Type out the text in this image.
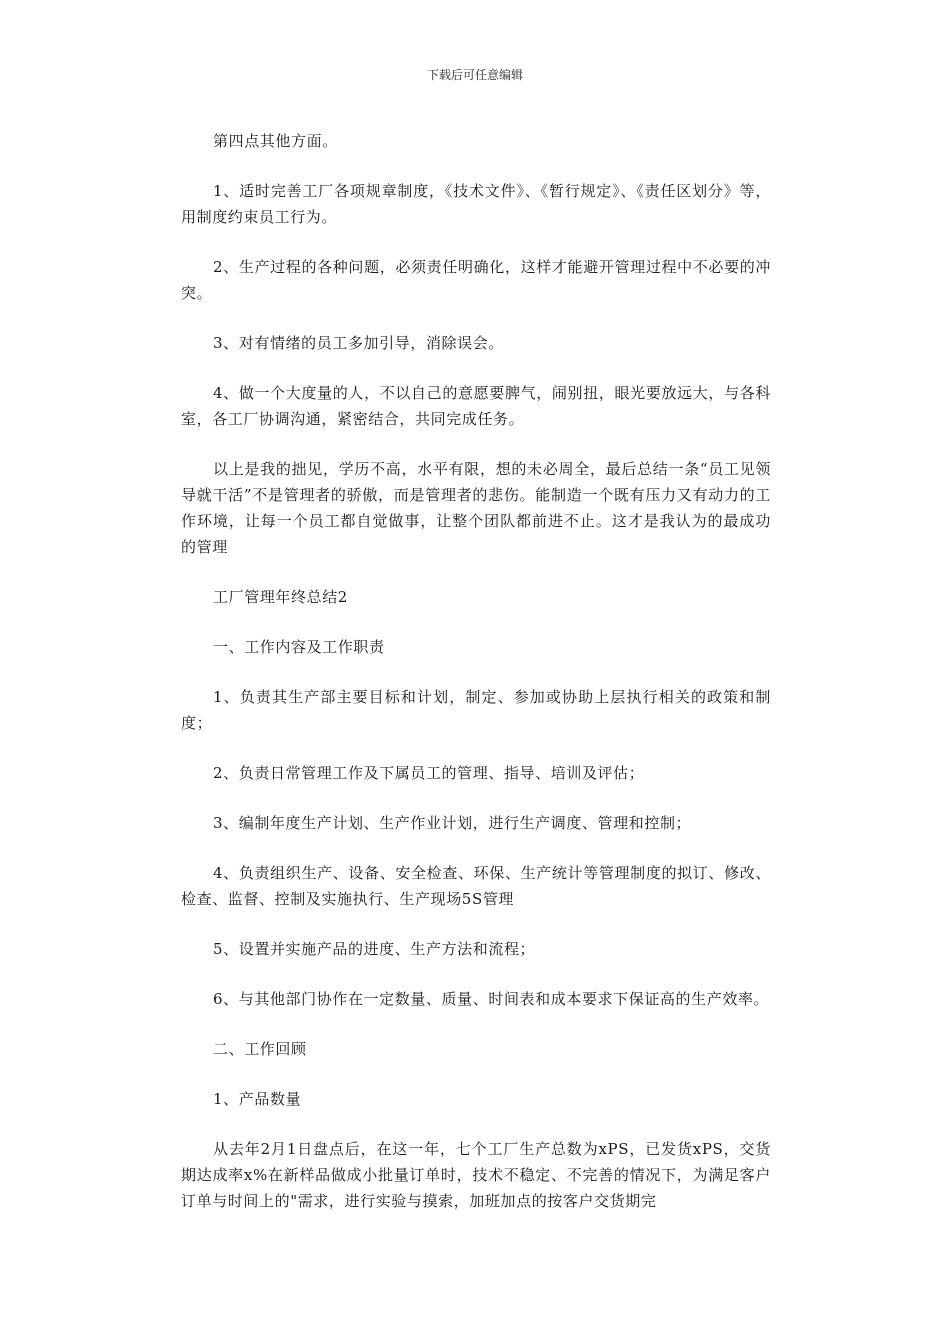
下载后可任意编辑

第四点其他方面。

1、适时完善工厂各项规章制度，《技术文件》、《暂行规定》、《责任区划分》等，用制度约束员工行为。

2、生产过程的各种问题，必须责任明确化，这样才能避开管理过程中不必要的冲突。

3、对有情绪的员工多加引导，消除误会。

4、做一个大度量的人，不以自己的意愿要脾气，闹别扭，眼光要放远大，与各科室，各工厂协调沟通，紧密结合，共同完成任务。

以上是我的拙见，学历不高，水平有限，想的未必周全，最后总结一条“员工见领导就干活”不是管理者的骄傲，而是管理者的悲伤。能制造一个既有压力又有动力的工作环境，让每一个员工都自觉做事，让整个团队都前进不止。这才是我认为的最成功的管理

工厂管理年终总结2

一、工作内容及工作职责

1、负责其生产部主要目标和计划，制定、参加或协助上层执行相关的政策和制度；

2、负责日常管理工作及下属员工的管理、指导、培训及评估；

3、编制年度生产计划、生产作业计划，进行生产调度、管理和控制；

4、负责组织生产、设备、安全检查、环保、生产统计等管理制度的拟订、修改、检查、监督、控制及实施执行、生产现场5S管理

5、设置并实施产品的进度、生产方法和流程；

6、与其他部门协作在一定数量、质量、时间表和成本要求下保证高的生产效率。

二、工作回顾

1、产品数量

从去年2月1日盘点后，在这一年，七个工厂生产总数为xPS，已发货xPS，交货期达成率x%在新样品做成小批量订单时，技术不稳定、不完善的情况下，为满足客户订单与时间上的"需求，进行实验与摸索，加班加点的按客户交货期完
